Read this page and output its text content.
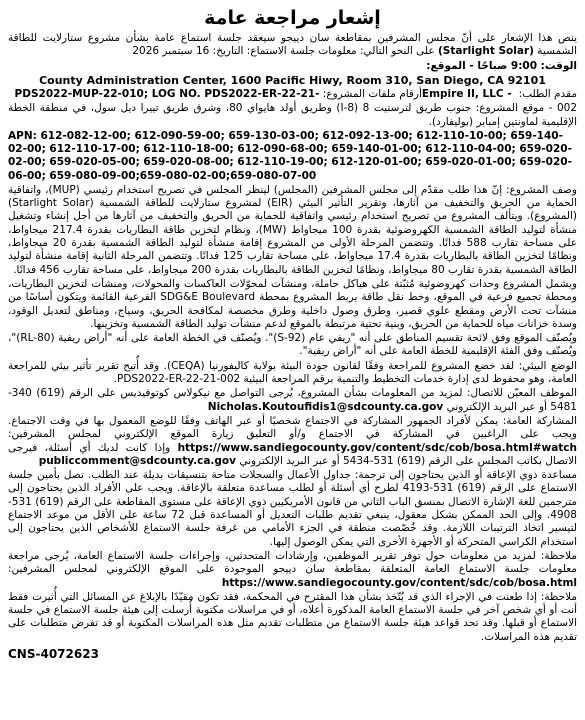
إشعار مراجعة عامة

ينص هذا الإشعار على أنّ مجلس المشرفين بمقاطعة سان دييجو سيعقد جلسة استماع عامة بشأن مشروع ستارلايت للطاقة الشمسية (Starlight Solar) على النحو التالي: معلومات جلسة الاستماع: التاريخ: 16 سبتمبر 2026

الوقت: 9:00 صباحًا - الموقع:

County Administration Center, 1600 Pacific Hiwy, Room 310, San Diego, CA 92101

مقدم الطلب: Empire II, LLC - أرقام ملفات المشروع: PDS2022-MUP-22-010; LOG NO. PDS2022-ER-22-21-

002 - موقع المشروع: جنوب طريق لترستيت 8 (I-8) وطريق أولد هايواي 80، وشرق طريق تييرا ديل سول، في منطقة الخطة الإقليمية لماونتين إمباير (بوليفارد).

APN: 612-082-12-00; 612-090-59-00; 659-130-03-00; 612-092-13-00; 612-110-10-00; 659-140-02-00; 612-110-17-00; 612-110-18-00; 612-090-68-00; 659-140-01-00; 612-110-04-00; 659-020-02-00; 659-020-05-00; 659-020-08-00; 612-110-19-00; 612-120-01-00; 659-020-01-00; 659-020-06-00; 659-080-09-00;659-080-02-00;659-080-07-00

وصف المشروع: إنّ هذا طلب مقدّم إلى مجلس المشرفين (المجلس) لينظر المجلس في تصريح استخدام رئيسي (MUP)، واتفاقية الحماية من الحريق والتخفيف من آثارها، وتقرير التأثير البيئي (EIR) لمشروع ستارلايت للطاقة الشمسية (Starlight Solar) (المشروع). ويتألف المشروع من تصريح استخدام رئيسي واتفاقية للحماية من الحريق والتخفيف من آثارها من أجل إنشاء وتشغيل منشأة لتوليد الطاقة الشمسية الكهروضوئية بقدرة 100 ميجاواط (MW)، ونظام لتخزين طاقة البطاريات بقدرة 217.4 ميجاواط، على مساحة تقارب 588 فدانًا. وتتضمن المرحلة الأولى من المشروع إقامة منشأة لتوليد الطاقة الشمسية بقدرة 20 ميجاواط، ونظامًا لتخزين الطاقة بالبطاريات بقدرة 17.4 ميجاواط، على مساحة تقارب 125 فدانًا. وتتضمن المرحلة الثانية إقامة منشأة لتوليد الطاقة الشمسية بقدرة تقارب 80 ميجاواط، ونظامًا لتخزين الطاقة بالبطاريات بقدرة 200 ميجاواط، على مساحة تقارب 456 فدانًا.

ويشمل المشروع وحدات كهروضوئية مُثبّتة على هياكل حاملة، ومنشآت لمحوّلات العاكسات والمحولات، ومنشآت لتخزين البطاريات، ومحطة تجميع فرعية في الموقع، وخط نقل طاقة يربط المشروع بمحطة SDG&E Boulevard الفرعية القائمة ويتكون أساسًا من منشآت تحت الأرض ومقطع علوي قصير، وطرق وصول داخلية وطرق مخصصة لمكافحة الحريق، وسياج، ومناطق لتعديل الوقود، وسدة خزانات مياه للحماية من الحريق، وبنية تحتية مرتبطة بالموقع لدعم منشآت توليد الطاقة الشمسية وتخزينها.

ويُصنّف الموقع وفق لائحة تقسيم المناطق على أنه "ريفي عام (S-92)". ويُصنّف في الخطة العامة على أنه "أراض ريفية (RL-80)"، ويُصنّف وفق الفئة الإقليمية للخطة العامة على أنه "أراض ريفية".

الوضع البيئي: لقد خضع المشروع للمراجعة وفقًا لقانون جودة البيئة بولاية كاليفورنيا (CEQA). وقد أُتيح تقرير تأثير بيئي للمراجعة العامة، وهو محفوظ لدى إدارة خدمات التخطيط والتنمية برقم المراجعة البيئية PDS2022-ER-22-21-002.

الموظف المعيّن للاتصال: لمزيد من المعلومات بشأن المشروع، يُرجى التواصل مع نيكولاس كوتوفيديس على الرقم (619) 340-5481 أو عبر البريد الإلكتروني Nicholas.Koutoufidis1@sdcounty.ca.gov

المشاركة العامة: يمكن لأفراد الجمهور المشاركة في الاجتماع شخصيًا أو عبر الهاتف وفقًا للوضع المعمول بها في وقت الاجتماع. ويجب على الراغبين في المشاركة في الاجتماع و/أو التعليق زيارة الموقع الإلكتروني لمجلس المشرفين: https://www.sandiegocounty.gov/content/sdc/cob/bosa.html#watch وإذا كانت لديك أي أسئلة، فيرجى الاتصال بكاتب المجلس على الرقم (619) 531-5434 أو عبر البريد الإلكتروني publiccomment@sdcounty.ca.gov

مساعدة ذوي الإعاقة أو الذين يحتاجون إلى ترجمة: جداول الأعمال والسجلات متاحة بتنسيقات بديلة عند الطلب. تصل بأمين جلسة الاستماع على الرقم (619) 531-4193 لطرح أي أسئلة أو لطلب مساعدة متعلقة بالإعاقة. ويجب على الأفراد الذين يحتاجون إلى مترجمين للغة الإشارة الاتصال بمنسق الباب الثاني من قانون الأمريكيين ذوي الإعاقة على مستوى المقاطعة على الرقم (619) 531-4908. وإلى الحد الممكن بشكل معقول، ينبغي تقديم طلبات التعديل أو المساعدة قبل 72 ساعة على الأقل من موعد الاجتماع لتيسير اتخاذ الترتيبات اللازمة. وقد خُصّصت منطقة في الجزء الأمامي من غرفة جلسة الاستماع للأشخاص الذين يحتاجون إلى استخدام الكراسي المتحركة أو الأجهزة الأخرى التي يمكن الوصول إليها.

ملاحظة: لمزيد من معلومات حول توفر تقرير الموظفين، وإرشادات المتحدثين، وإجراءات جلسة الاستماع العامة، يُرجى مراجعة معلومات جلسة الاستماع العامة المتعلقة بمقاطعة سان دييجو الموجودة على الموقع الإلكتروني لمجلس المشرفين: https://www.sandiegocounty.gov/content/sdc/cob/bosa.html

ملاحظة: إذا طعنت في الإجراء الذي قد يُتّخذ بشأن هذا المقترح في المحكمة، فقد تكون مقيّدًا بالإبلاغ عن المسائل التي أُثيرت فقط أنت أو أي شخص آخر في جلسة الاستماع العامة المذكورة أعلاه، أو في مراسلات مكتوبة أُرسلت إلى هيئة جلسة الاستماع في جلسة الاستماع أو قبلها. وقد تحد قواعد هيئة جلسة الاستماع من متطلبات تقديم مثل هذه المراسلات المكتوبة أو قد تفرض متطلبات على تقديم هذه المراسلات.

CNS-4072623
